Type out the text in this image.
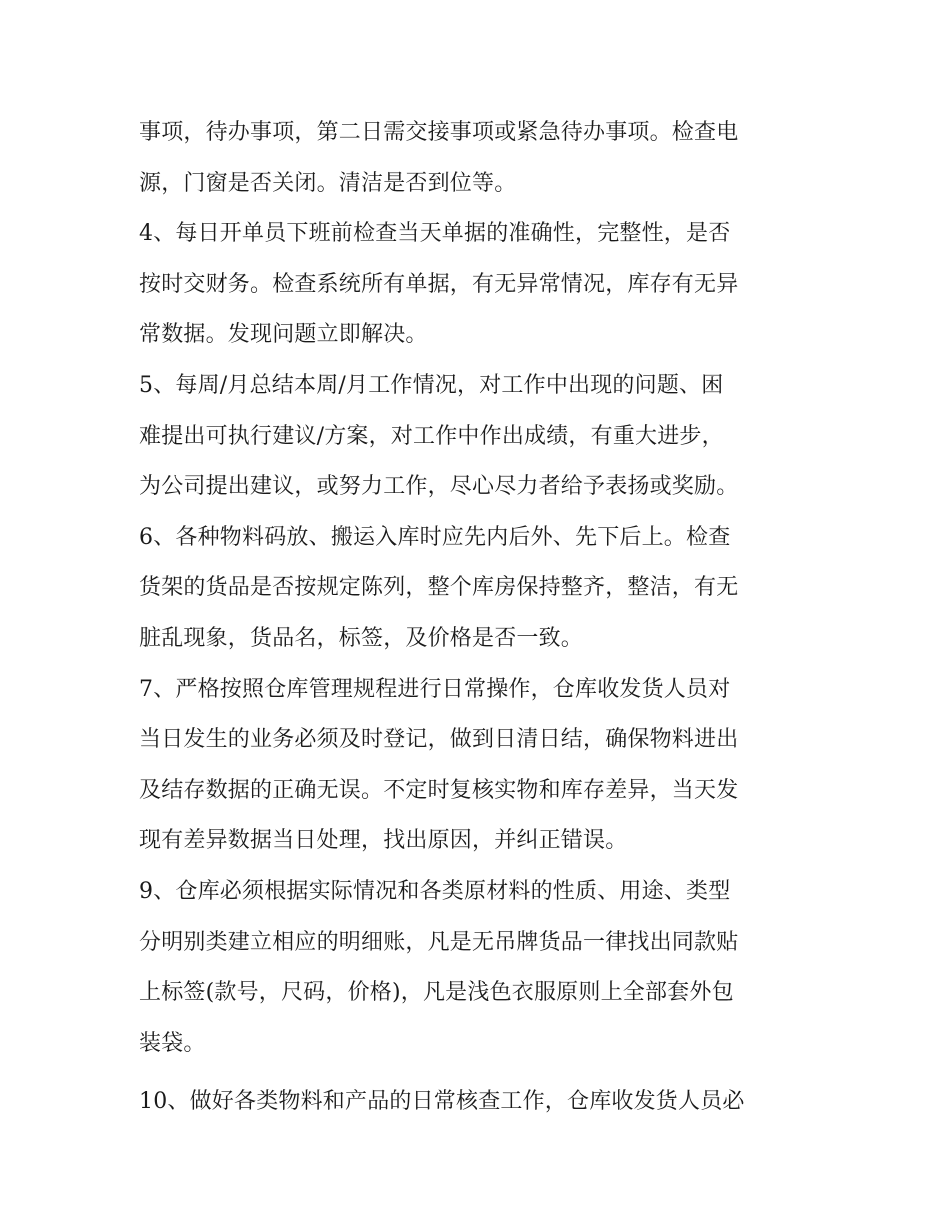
事项，待办事项，第二日需交接事项或紧急待办事项。检查电
源，门窗是否关闭。清洁是否到位等。
4、每日开单员下班前检查当天单据的准确性，完整性，是否
按时交财务。检查系统所有单据，有无异常情况，库存有无异
常数据。发现问题立即解决。
5、每周/月总结本周/月工作情况，对工作中出现的问题、困
难提出可执行建议/方案，对工作中作出成绩，有重大进步，
为公司提出建议，或努力工作，尽心尽力者给予表扬或奖励。
6、各种物料码放、搬运入库时应先内后外、先下后上。检查
货架的货品是否按规定陈列，整个库房保持整齐，整洁，有无
脏乱现象，货品名，标签，及价格是否一致。
7、严格按照仓库管理规程进行日常操作，仓库收发货人员对
当日发生的业务必须及时登记，做到日清日结，确保物料进出
及结存数据的正确无误。不定时复核实物和库存差异，当天发
现有差异数据当日处理，找出原因，并纠正错误。
9、仓库必须根据实际情况和各类原材料的性质、用途、类型
分明别类建立相应的明细账，凡是无吊牌货品一律找出同款贴
上标签(款号，尺码，价格)，凡是浅色衣服原则上全部套外包
装袋。
10、做好各类物料和产品的日常核查工作，仓库收发货人员必
